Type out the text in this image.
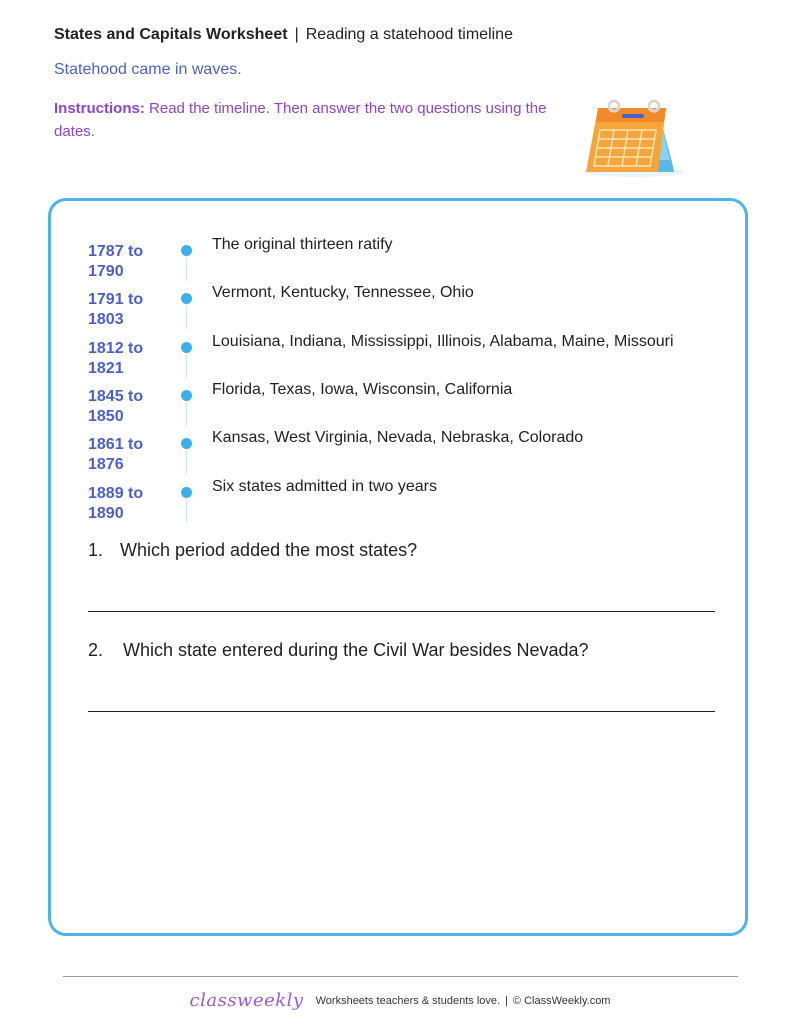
States and Capitals Worksheet | Reading a statehood timeline
Statehood came in waves.
Instructions: Read the timeline. Then answer the two questions using the dates.
1787 to
1790
The original thirteen ratify
1791 to
1803
Vermont, Kentucky, Tennessee, Ohio
1812 to
1821
Louisiana, Indiana, Mississippi, Illinois, Alabama, Maine, Missouri
1845 to
1850
Florida, Texas, Iowa, Wisconsin, California
1861 to
1876
Kansas, West Virginia, Nevada, Nebraska, Colorado
1889 to
1890
Six states admitted in two years
1. Which period added the most states?
2. Which state entered during the Civil War besides Nevada?
classweekly Worksheets teachers & students love. | © ClassWeekly.com
